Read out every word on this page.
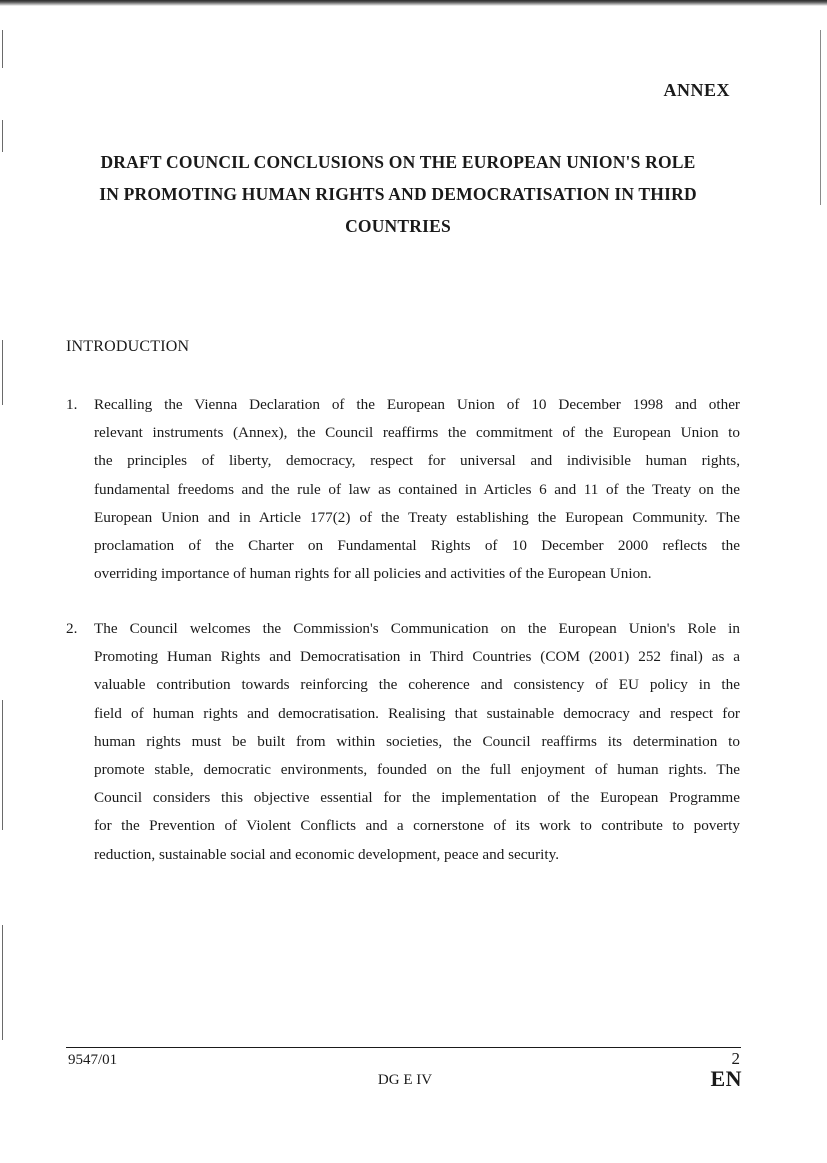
ANNEX
DRAFT COUNCIL CONCLUSIONS ON THE EUROPEAN UNION'S ROLE
IN PROMOTING HUMAN RIGHTS AND DEMOCRATISATION IN THIRD
COUNTRIES
INTRODUCTION
1.	Recalling the Vienna Declaration of the European Union of 10 December 1998 and other
relevant instruments (Annex), the Council reaffirms the commitment of the European Union to
the principles of liberty, democracy, respect for universal and indivisible human rights,
fundamental freedoms and the rule of law as contained in Articles 6 and 11 of the Treaty on the
European Union and in Article 177(2) of the Treaty establishing the European Community. The
proclamation of the Charter on Fundamental Rights of 10 December 2000 reflects the
overriding importance of human rights for all policies and activities of the European Union.
2.	The Council welcomes the Commission's Communication on the European Union's Role in
Promoting Human Rights and Democratisation in Third Countries (COM (2001) 252 final) as a
valuable contribution towards reinforcing the coherence and consistency of EU policy in the
field of human rights and democratisation. Realising that sustainable democracy and respect for
human rights must be built from within societies, the Council reaffirms its determination to
promote stable, democratic environments, founded on the full enjoyment of human rights. The
Council considers this objective essential for the implementation of the European Programme
for the Prevention of Violent Conflicts and a cornerstone of its work to contribute to poverty
reduction, sustainable social and economic development, peace and security.
9547/01	2
DG E IV	EN
